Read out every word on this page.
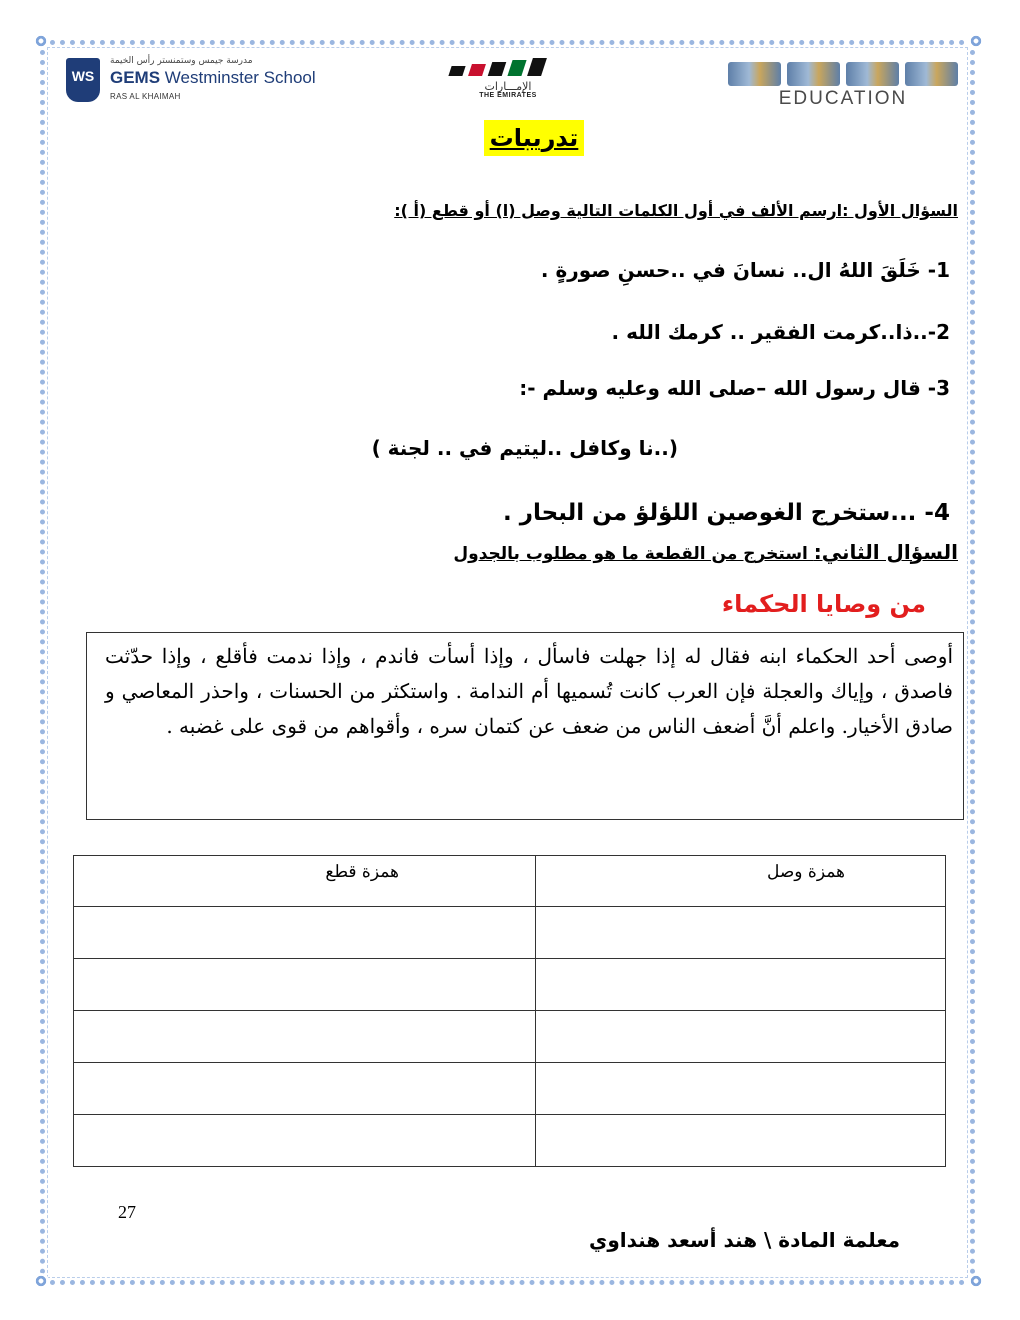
WS
مدرسة جيمس وستمنستر رأس الخيمة
GEMS Westminster School
RAS AL KHAIMAH
الإمـــارات
THE EMIRATES	EDUCATION
تدريبات
السؤال الأول :ارسم الألف في أول الكلمات التالية وصل (ا) أو قطع (أ ):
1- خَلَقَ اللهُ ال.. نسانَ في ..حسنِ صورةٍ .
2-..ذا..كرمت الفقير .. كرمك الله .
3- قال رسول الله –صلى الله وعليه وسلم -:
(..نا وكافل ..ليتيم في .. لجنة )
4- ...ستخرج الغوصين اللؤلؤ من البحار .
السؤال الثاني: استخرج من القطعة ما هو مطلوب بالجدول
من وصايا الحكماء
أوصى أحد الحكماء ابنه فقال له إذا جهلت فاسأل ، وإذا أسأت فاندم ، وإذا ندمت فأقلع ، وإذا حدّثت فاصدق ، وإياك والعجلة فإن العرب كانت تُسميها أم الندامة . واستكثر من الحسنات ، واحذر المعاصي و صادق الأخيار. واعلم أنَّ أضعف الناس من ضعف عن كتمان سره ، وأقواهم من قوى على غضبه .
همزة وصل	همزة قطع

27
معلمة المادة \ هند أسعد هنداوي
